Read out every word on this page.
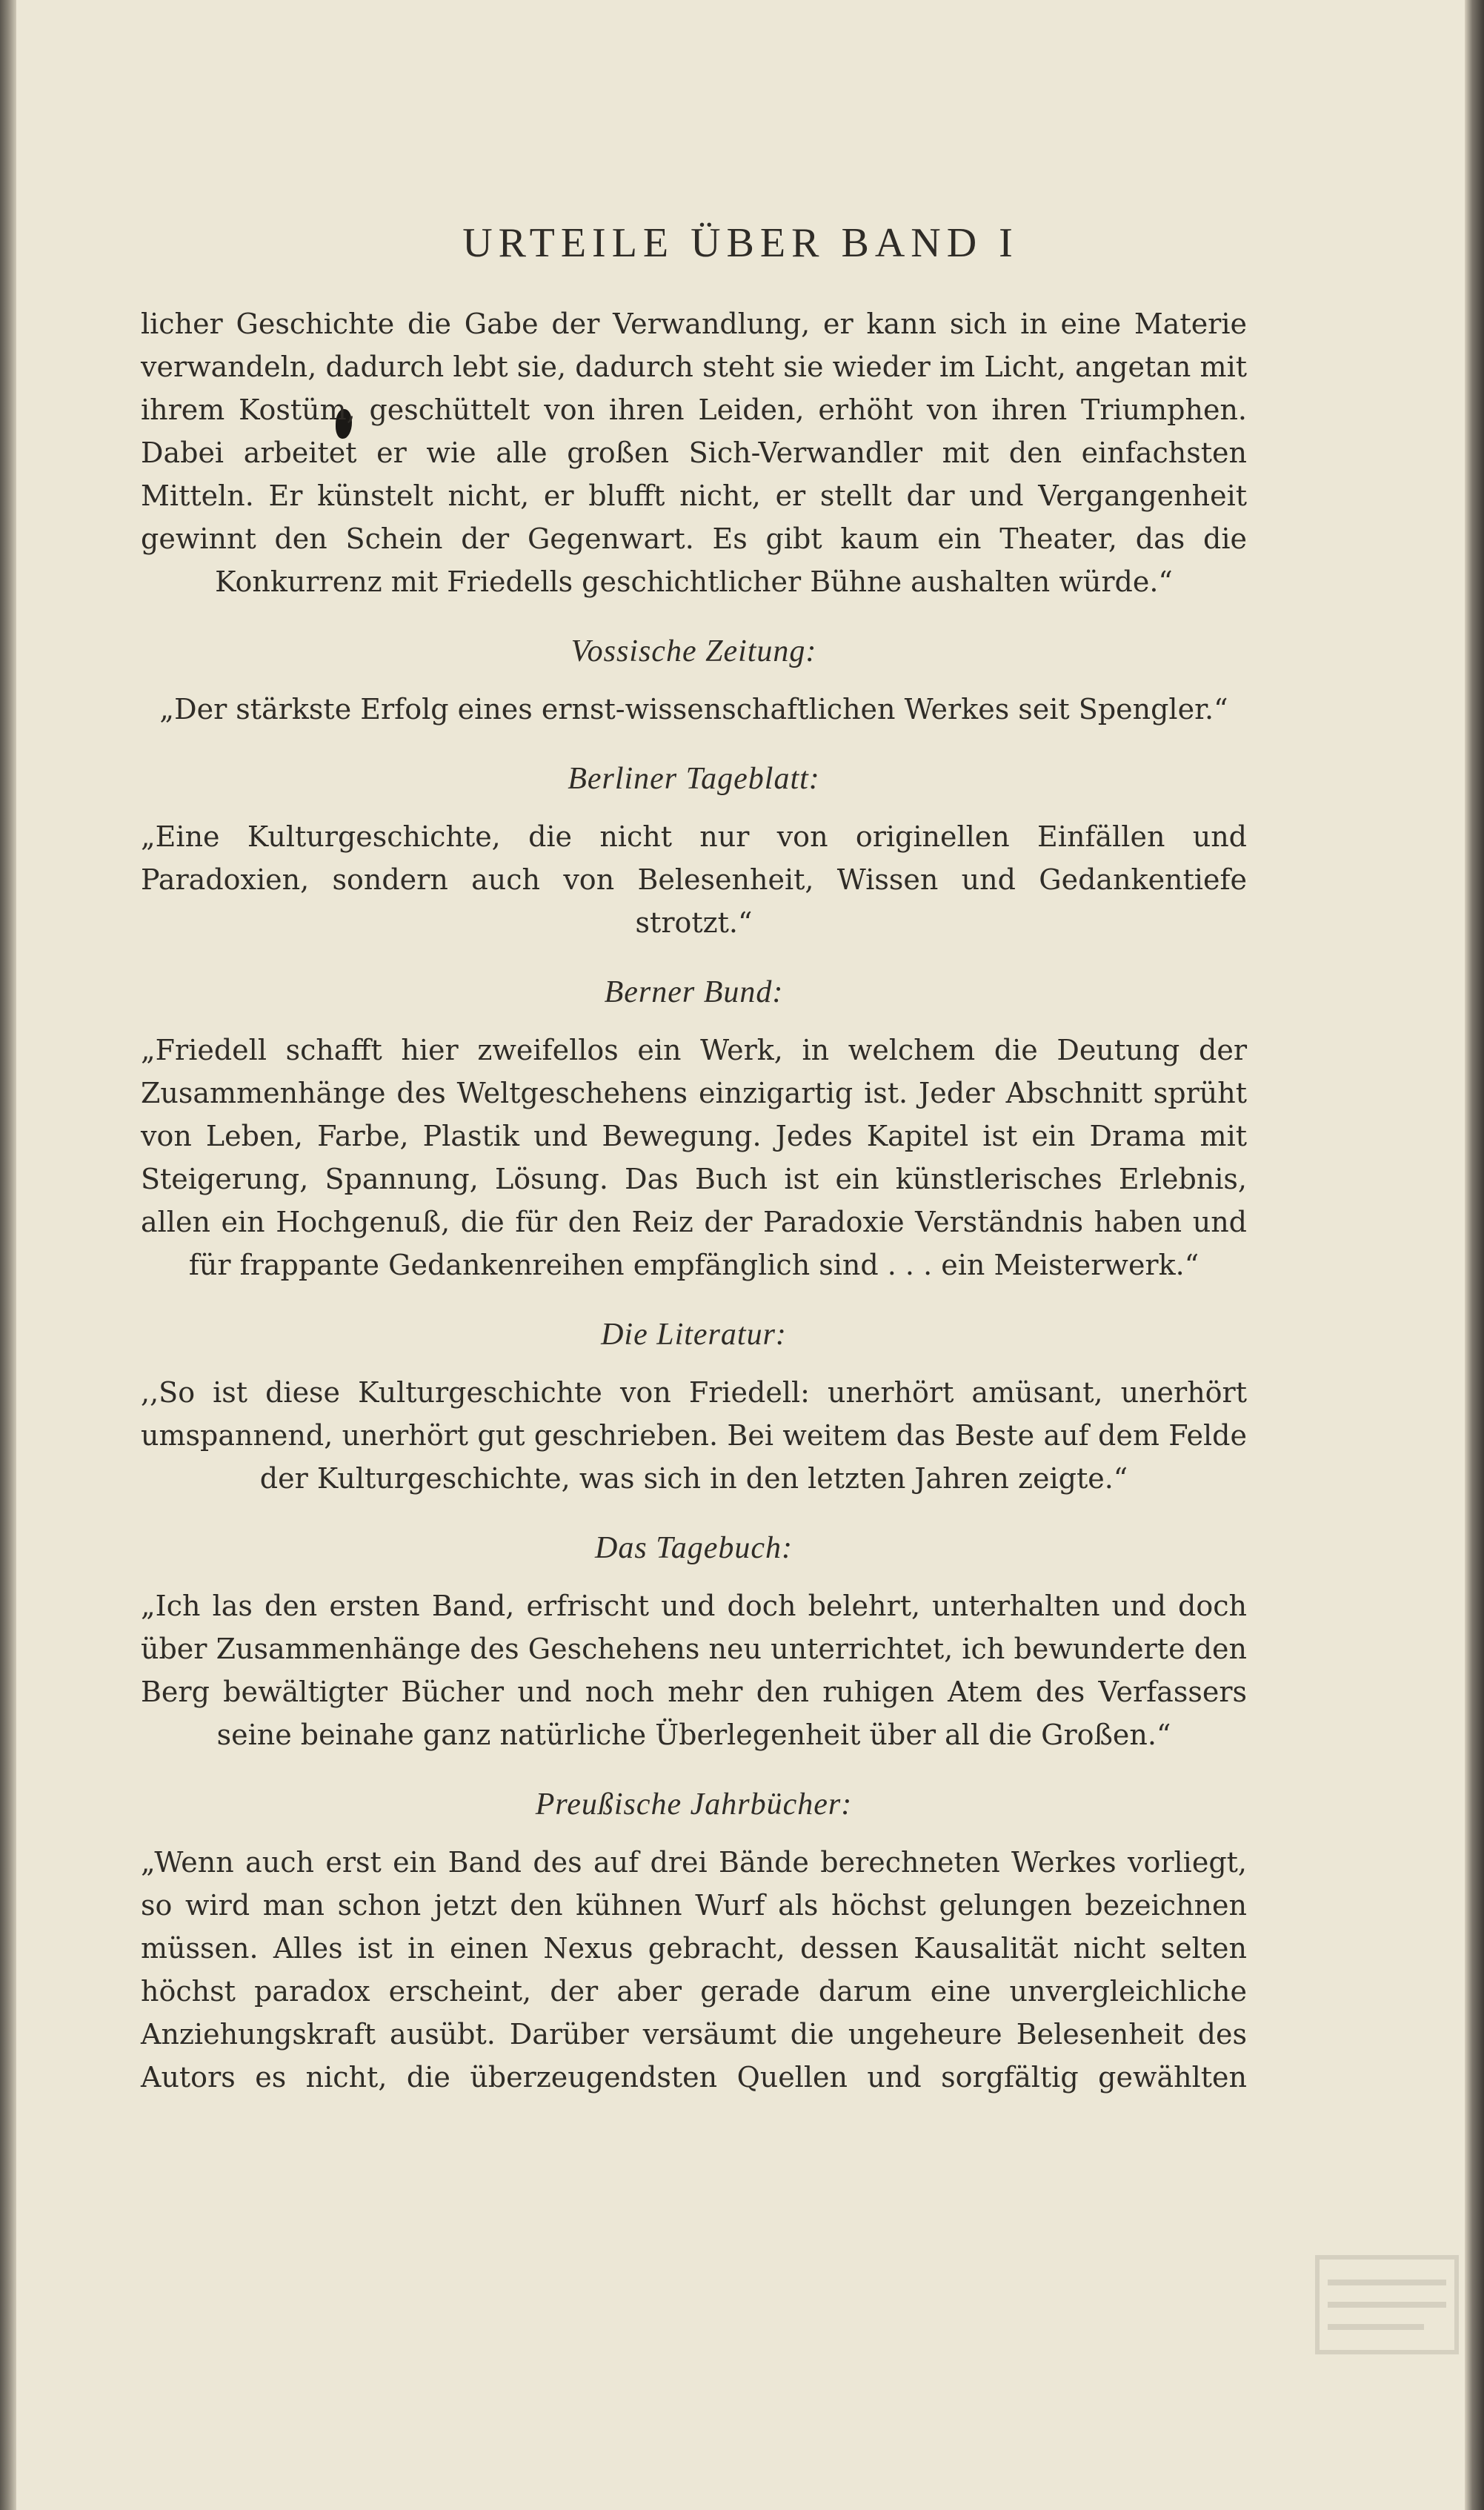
URTEILE ÜBER BAND I

licher Geschichte die Gabe der Verwandlung, er kann sich in eine Materie verwandeln, dadurch lebt sie, dadurch steht sie wieder im Licht, angetan mit ihrem Kostüm, geschüttelt von ihren Leiden, erhöht von ihren Triumphen. Dabei arbeitet er wie alle großen Sich-Verwandler mit den einfachsten Mitteln. Er künstelt nicht, er blufft nicht, er stellt dar und Vergangenheit gewinnt den Schein der Gegenwart. Es gibt kaum ein Theater, das die Konkurrenz mit Friedells geschichtlicher Bühne aushalten würde.“

Vossische Zeitung:

„Der stärkste Erfolg eines ernst-wissenschaftlichen Werkes seit Spengler.“

Berliner Tageblatt:

„Eine Kulturgeschichte, die nicht nur von originellen Einfällen und Paradoxien, sondern auch von Belesenheit, Wissen und Gedankentiefe strotzt.“

Berner Bund:

„Friedell schafft hier zweifellos ein Werk, in welchem die Deutung der Zusammenhänge des Weltgeschehens einzigartig ist. Jeder Abschnitt sprüht von Leben, Farbe, Plastik und Bewegung. Jedes Kapitel ist ein Drama mit Steigerung, Spannung, Lösung. Das Buch ist ein künstlerisches Erlebnis, allen ein Hochgenuß, die für den Reiz der Paradoxie Verständnis haben und für frappante Gedankenreihen empfänglich sind . . . ein Meisterwerk.“

Die Literatur:

,,So ist diese Kulturgeschichte von Friedell: unerhört amüsant, unerhört umspannend, unerhört gut geschrieben. Bei weitem das Beste auf dem Felde der Kulturgeschichte, was sich in den letzten Jahren zeigte.“

Das Tagebuch:

„Ich las den ersten Band, erfrischt und doch belehrt, unterhalten und doch über Zusammenhänge des Geschehens neu unterrichtet, ich bewunderte den Berg bewältigter Bücher und noch mehr den ruhigen Atem des Verfassers seine beinahe ganz natürliche Überlegenheit über all die Großen.“

Preußische Jahrbücher:

„Wenn auch erst ein Band des auf drei Bände berechneten Werkes vorliegt, so wird man schon jetzt den kühnen Wurf als höchst gelungen bezeichnen müssen. Alles ist in einen Nexus gebracht, dessen Kausalität nicht selten höchst paradox erscheint, der aber gerade darum eine unvergleichliche Anziehungskraft ausübt. Darüber versäumt die ungeheure Belesenheit des Autors es nicht, die überzeugendsten Quellen und sorgfältig gewählten
